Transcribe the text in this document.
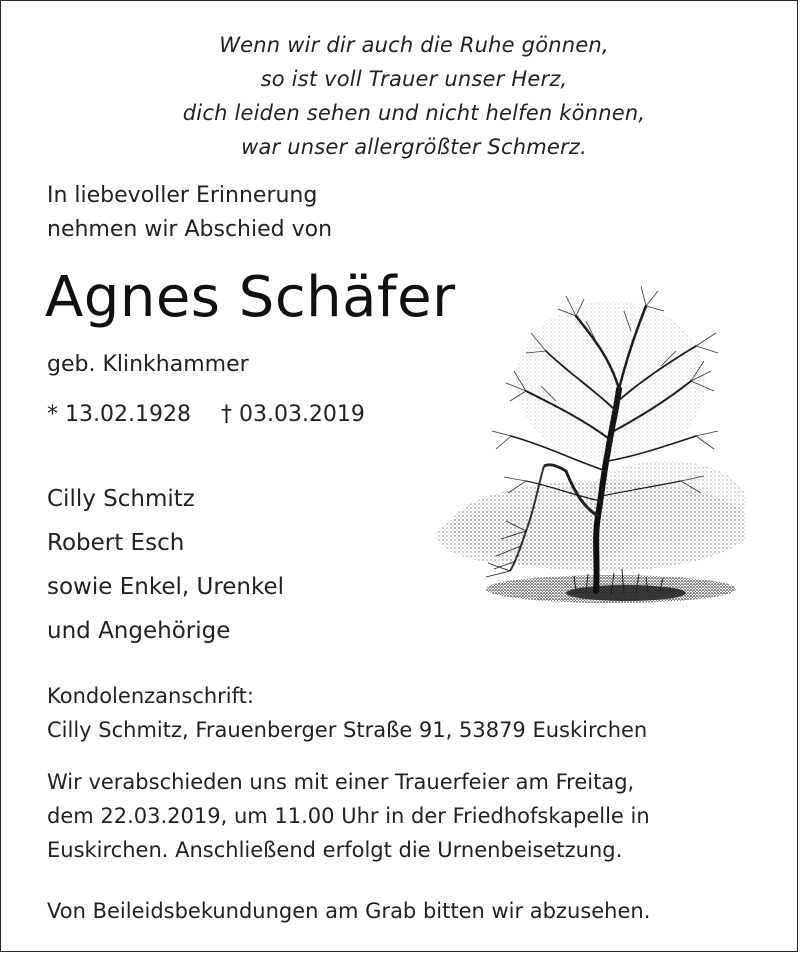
Wenn wir dir auch die Ruhe gönnen,
so ist voll Trauer unser Herz,
dich leiden sehen und nicht helfen können,
war unser allergrößter Schmerz.
In liebevoller Erinnerung
nehmen wir Abschied von
Agnes Schäfer
geb. Klinkhammer
* 13.02.1928 † 03.03.2019
Cilly Schmitz
Robert Esch
sowie Enkel, Urenkel
und Angehörige
Kondolenzanschrift:
Cilly Schmitz, Frauenberger Straße 91, 53879 Euskirchen
Wir verabschieden uns mit einer Trauerfeier am Freitag,
dem 22.03.2019, um 11.00 Uhr in der Friedhofskapelle in
Euskirchen. Anschließend erfolgt die Urnenbeisetzung.
Von Beileidsbekundungen am Grab bitten wir abzusehen.
